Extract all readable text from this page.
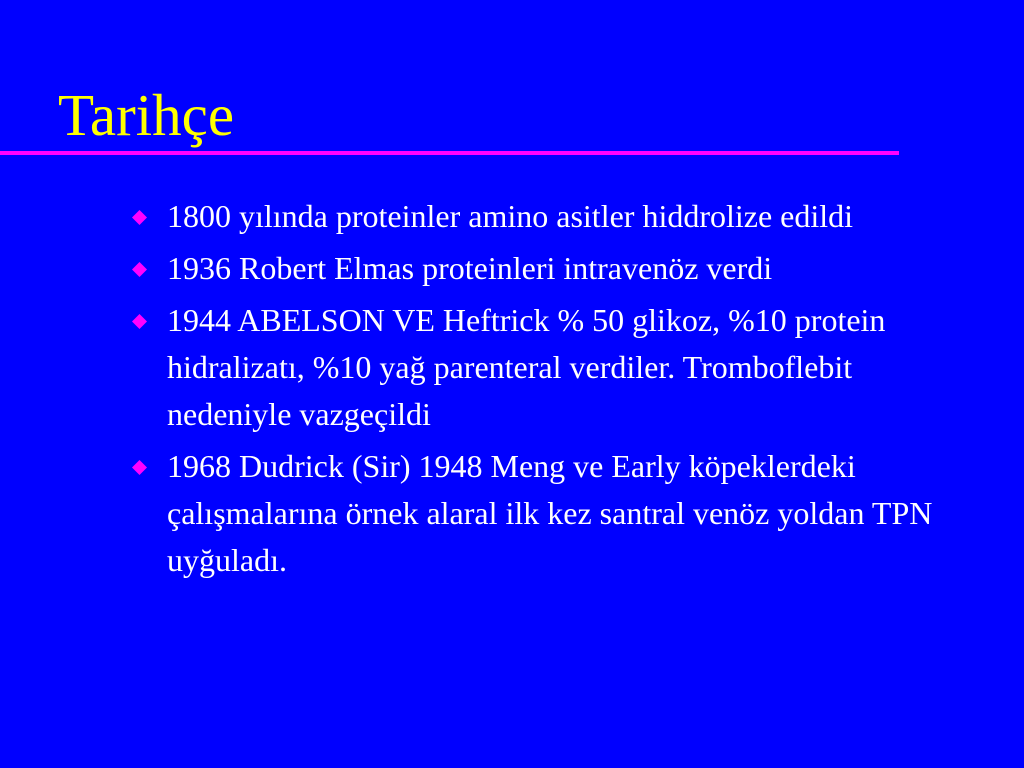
Tarihçe
1800 yılında proteinler amino asitler hiddrolize edildi
1936 Robert Elmas proteinleri intravenöz verdi
1944 ABELSON VE Heftrick % 50 glikoz, %10 protein hidralizatı, %10 yağ parenteral verdiler. Tromboflebit nedeniyle vazgeçildi
1968 Dudrick (Sir) 1948 Meng ve Early köpeklerdeki çalışmalarına örnek alaral ilk kez santral venöz yoldan TPN uyğuladı.
